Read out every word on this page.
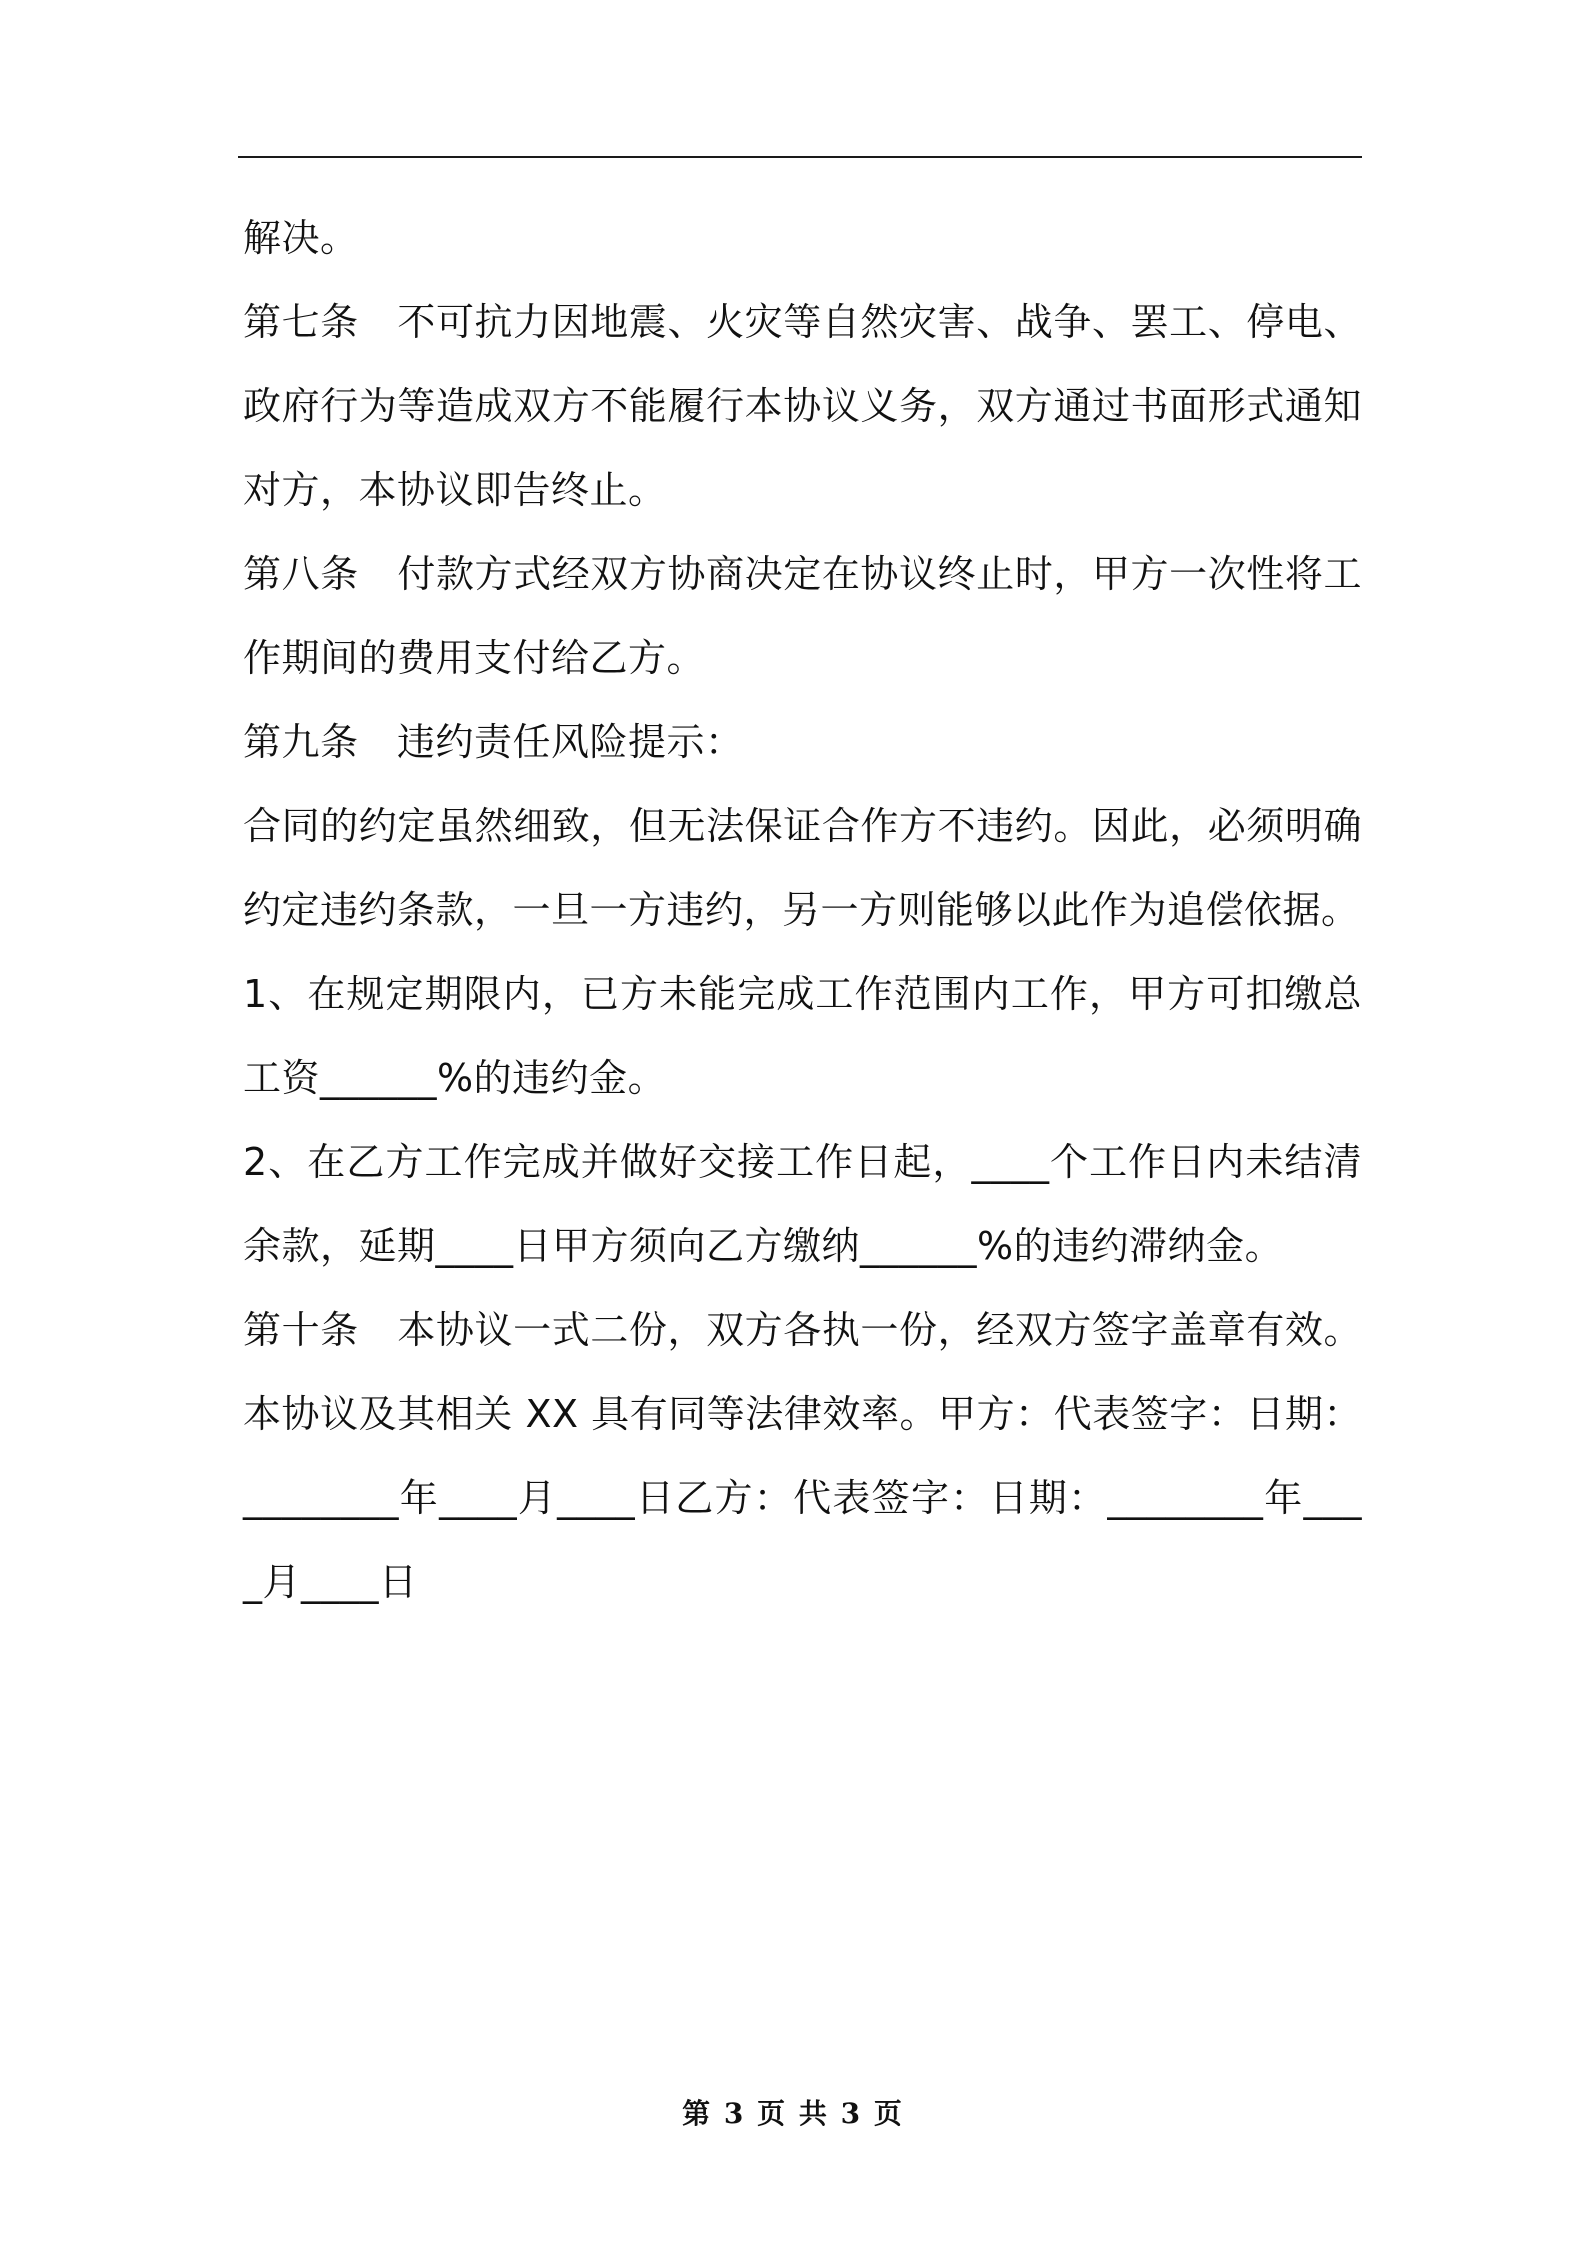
解决。

第七条　不可抗力因地震、火灾等自然灾害、战争、罢工、停电、政府行为等造成双方不能履行本协议义务，双方通过书面形式通知对方，本协议即告终止。

第八条　付款方式经双方协商决定在协议终止时，甲方一次性将工作期间的费用支付给乙方。

第九条　违约责任风险提示：

合同的约定虽然细致，但无法保证合作方不违约。因此，必须明确约定违约条款，一旦一方违约，另一方则能够以此作为追偿依据。

1、在规定期限内，已方未能完成工作范围内工作，甲方可扣缴总工资______%的违约金。

2、在乙方工作完成并做好交接工作日起，____个工作日内未结清余款，延期____日甲方须向乙方缴纳______%的违约滞纳金。

第十条　本协议一式二份，双方各执一份，经双方签字盖章有效。本协议及其相关 XX 具有同等法律效率。甲方：代表签字：日期：________年____月____日乙方：代表签字：日期：________年____月____日

第 3 页 共 3 页
